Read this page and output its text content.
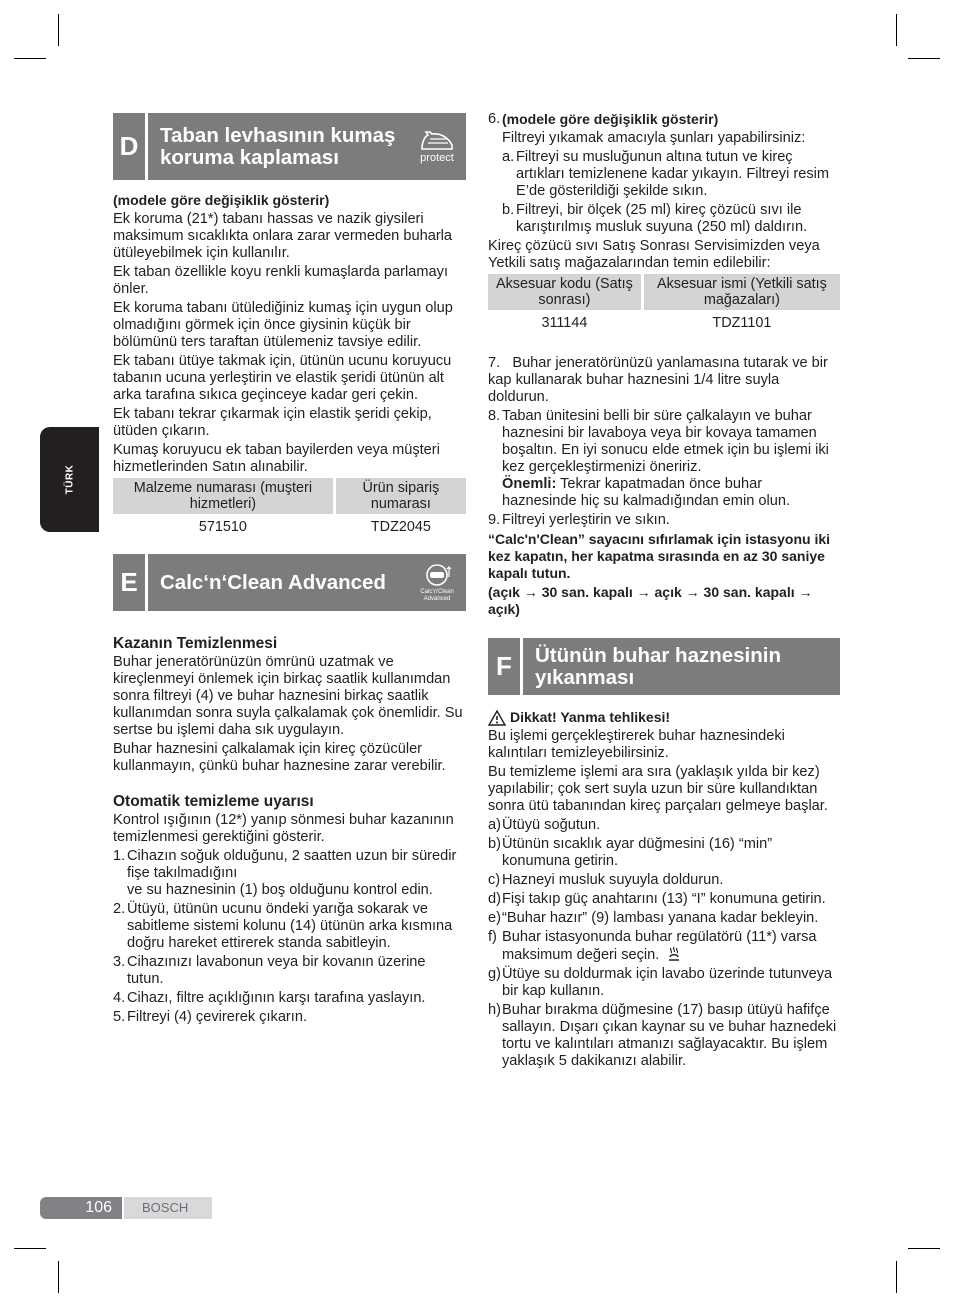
TÜRK
D	Taban levhasının kumaş koruma kaplaması	protect

(modele göre değişiklik gösterir)

Ek koruma (21*) tabanı hassas ve nazik giysileri maksimum sıcaklıkta onlara zarar vermeden buharla ütüleyebilmek için kullanılır.

Ek taban özellikle koyu renkli kumaşlarda parlamayı önler.

Ek koruma tabanı ütülediğiniz kumaş için uygun olup olmadığını görmek için önce giysinin küçük bir bölümünü ters taraftan ütülemeniz tavsiye edilir.

Ek tabanı ütüye takmak için, ütünün ucunu koruyucu tabanın ucuna yerleştirin ve elastik şeridi ütünün alt arka tarafına sıkıca geçinceye kadar geri çekin.

Ek tabanı tekrar çıkarmak için elastik şeridi çekip, ütüden çıkarın.

Kumaş koruyucu ek taban bayilerden veya müşteri hizmetlerinden Satın alınabilir.

Malzeme numarası (muşteri hizmetleri)	Ürün sipariş numarası
571510	TDZ2045
E	Calc‘n‘Clean Advanced	Calc'n'Clean Advanced

Kazanın Temizlenmesi

Buhar jeneratörünüzün ömrünü uzatmak ve kireçlenmeyi önlemek için birkaç saatlik kullanımdan sonra filtreyi (4) ve buhar haznesini birkaç saatlik kullanımdan sonra suyla çalkalamak çok önemlidir. Su sertse bu işlemi daha sık uygulayın.

Buhar haznesini çalkalamak için kireç çözücüler kullanmayın, çünkü buhar haznesine zarar verebilir.

Otomatik temizleme uyarısı

Kontrol ışığının (12*) yanıp sönmesi buhar kazanının temizlenmesi gerektiğini gösterir.

1. Cihazın soğuk olduğunu, 2 saatten uzun bir süredir fişe takılmadığını
ve su haznesinin (1) boş olduğunu kontrol edin.
2. Ütüyü, ütünün ucunu öndeki yarığa sokarak ve sabitleme sistemi kolunu (14) ütünün arka kısmına doğru hareket ettirerek standa sabitleyin.
3. Cihazınızı lavabonun veya bir kovanın üzerine tutun.
4. Cihazı, filtre açıklığının karşı tarafına yaslayın.
5. Filtreyi (4) çevirerek çıkarın.
6. (modele göre değişiklik gösterir)

Filtreyi yıkamak amacıyla şunları yapabilirsiniz:

a. Filtreyi su musluğunun altına tutun ve kireç artıkları temizlenene kadar yıkayın. Filtreyi resim E’de gösterildiği şekilde sıkın.
b. Filtreyi, bir ölçek (25 ml) kireç çözücü sıvı ile karıştırılmış musluk suyuna (250 ml) daldırın.

Kireç çözücü sıvı Satış Sonrası Servisimizden veya Yetkili satış mağazalarından temin edilebilir:

Aksesuar kodu (Satış sonrası)	Aksesuar ismi (Yetkili satış mağazaları)
311144	TDZ1101

7.   Buhar jeneratörünüzü yanlamasına tutarak ve bir kap kullanarak buhar haznesini 1/4 litre suyla doldurun.

8. Taban ünitesini belli bir süre çalkalayın ve buhar haznesini bir lavaboya veya bir kovaya tamamen boşaltın. En iyi sonucu elde etmek için bu işlemi iki kez gerçekleştirmenizi öneririz.
Önemli: Tekrar kapatmadan önce buhar haznesinde hiç su kalmadığından emin olun.
9. Filtreyi yerleştirin ve sıkın.

“Calc'n'Clean” sayacını sıfırlamak için istasyonu iki kez kapatın, her kapatma sırasında en az 30 saniye kapalı tutun.

(açık → 30 san. kapalı → açık → 30 san. kapalı → açık)

F	Ütünün buhar haznesinin yıkanması

Dikkat! Yanma tehlikesi!

Bu işlemi gerçekleştirerek buhar haznesindeki kalıntıları temizleyebilirsiniz.

Bu temizleme işlemi ara sıra (yaklaşık yılda bir kez) yapılabilir; çok sert suyla uzun bir süre kullandıktan sonra ütü tabanından kireç parçaları gelmeye başlar.

a) Ütüyü soğutun.
b) Ütünün sıcaklık ayar düğmesini (16) “min” konumuna getirin.
c) Hazneyi musluk suyuyla doldurun.
d) Fişi takıp güç anahtarını (13) “I” konumuna getirin.
e) “Buhar hazır” (9) lambası yanana kadar bekleyin.
f) Buhar istasyonunda buhar regülatörü (11*) varsa maksimum değeri seçin.
g) Ütüye su doldurmak için lavabo üzerinde tutunveya bir kap kullanın.
h) Buhar bırakma düğmesine (17) basıp ütüyü hafifçe sallayın. Dışarı çıkan kaynar su ve buhar haznedeki tortu ve kalıntıları atmanızı sağlayacaktır. Bu işlem yaklaşık 5 dakikanızı alabilir.
106	BOSCH
